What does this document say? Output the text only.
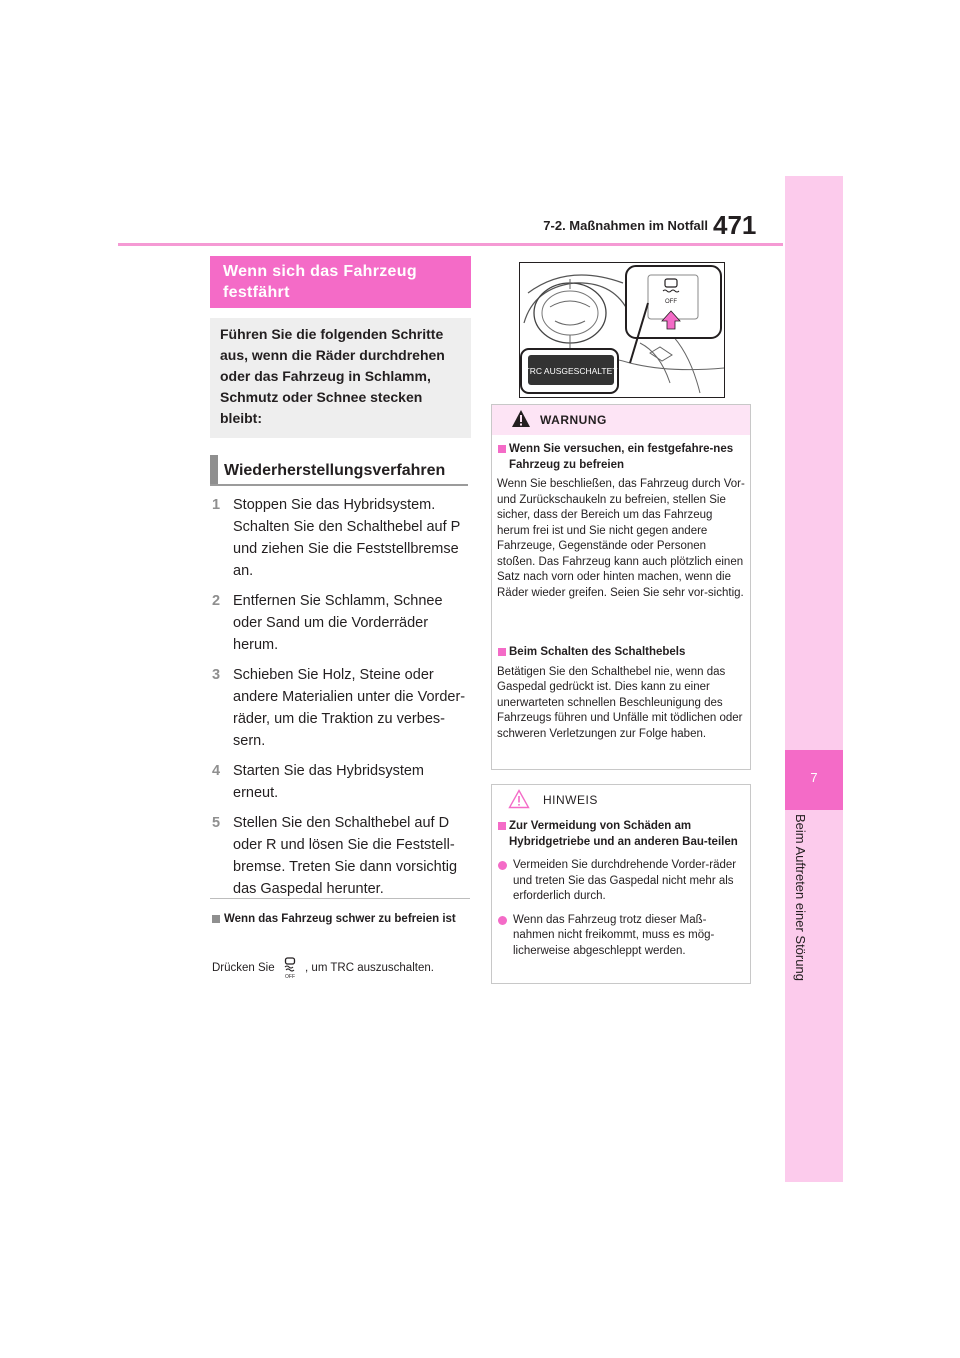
7-2. Maßnahmen im Notfall 471
7
Beim Auftreten einer Störung
Wenn sich das Fahrzeug festfährt
Führen Sie die folgenden Schritte aus, wenn die Räder durchdrehen oder das Fahrzeug in Schlamm, Schmutz oder Schnee stecken bleibt:
Wiederherstellungsverfahren
1 Stoppen Sie das Hybridsystem. Schalten Sie den Schalthebel auf P und ziehen Sie die Feststellbremse an.
2 Entfernen Sie Schlamm, Schnee oder Sand um die Vorderräder herum.
3 Schieben Sie Holz, Steine oder andere Materialien unter die Vorder-räder, um die Traktion zu verbes-sern.
4 Starten Sie das Hybridsystem erneut.
5 Stellen Sie den Schalthebel auf D oder R und lösen Sie die Feststell-bremse. Treten Sie dann vorsichtig das Gaspedal herunter.
Wenn das Fahrzeug schwer zu befreien ist
Drücken Sie
OFF
, um TRC auszuschalten.
OFF
TRC AUSGESCHALTET
WARNUNG
Wenn Sie versuchen, ein festgefahre-nes Fahrzeug zu befreien
Wenn Sie beschließen, das Fahrzeug durch Vor- und Zurückschaukeln zu befreien, stellen Sie sicher, dass der Bereich um das Fahrzeug herum frei ist und Sie nicht gegen andere Fahrzeuge, Gegenstände oder Personen stoßen. Das Fahrzeug kann auch plötzlich einen Satz nach vorn oder hinten machen, wenn die Räder wieder greifen. Seien Sie sehr vor-sichtig.
Beim Schalten des Schalthebels
Betätigen Sie den Schalthebel nie, wenn das Gaspedal gedrückt ist. Dies kann zu einer unerwarteten schnellen Beschleunigung des Fahrzeugs führen und Unfälle mit tödlichen oder schweren Verletzungen zur Folge haben.
HINWEIS
Zur Vermeidung von Schäden am Hybridgetriebe und an anderen Bau-teilen
Vermeiden Sie durchdrehende Vorder-räder und treten Sie das Gaspedal nicht mehr als erforderlich durch.
Wenn das Fahrzeug trotz dieser Maß-nahmen nicht freikommt, muss es mög-licherweise abgeschleppt werden.
